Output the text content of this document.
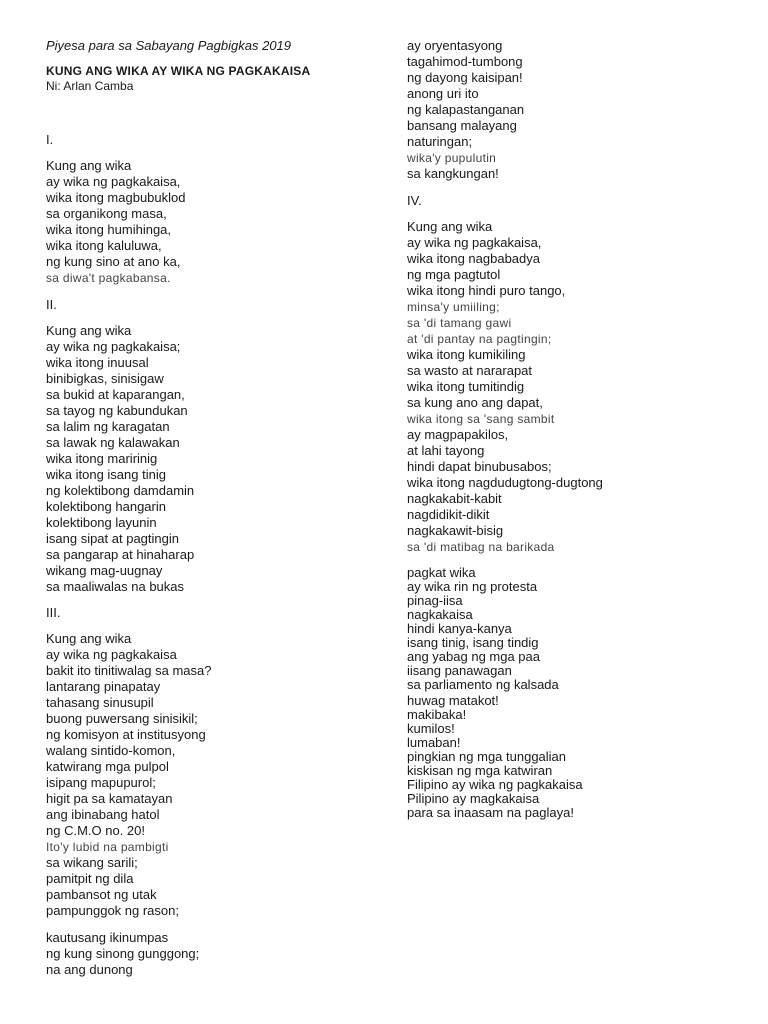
Piyesa para sa Sabayang Pagbigkas 2019
KUNG ANG WIKA AY WIKA NG PAGKAKAISA
Ni: Arlan Camba
I.
Kung ang wika
ay wika ng pagkakaisa,
wika itong magbubuklod
sa organikong masa,
wika itong humihinga,
wika itong kaluluwa,
ng kung sino at ano ka,
sa diwa't pagkabansa.
II.
Kung ang wika
ay wika ng pagkakaisa;
wika itong inuusal
binibigkas, sinisigaw
sa bukid at kaparangan,
sa tayog ng kabundukan
sa lalim ng karagatan
sa lawak ng kalawakan
wika itong maririnig
wika itong isang tinig
ng kolektibong damdamin
kolektibong hangarin
kolektibong layunin
isang sipat at pagtingin
sa pangarap at hinaharap
wikang mag-uugnay
sa maaliwalas na bukas
III.
Kung ang wika
ay wika ng pagkakaisa
bakit ito tinitiwalag sa masa?
lantarang pinapatay
tahasang sinusupil
buong puwersang sinisikil;
ng komisyon at institusyong
walang sintido-komon,
katwirang mga pulpol
isipang mapupurol;
higit pa sa kamatayan
ang ibinabang hatol
ng C.M.O no. 20!
Ito'y lubid na pambigti
sa wikang sarili;
pamitpit ng dila
pambansot ng utak
pampunggok ng rason;
kautusang ikinumpas
ng kung sinong gunggong;
na ang dunong
ay oryentasyong
tagahimod-tumbong
ng dayong kaisipan!
anong uri ito
ng kalapastanganan
bansang malayang
naturingan;
wika'y pupulutin
sa kangkungan!
IV.
Kung ang wika
ay wika ng pagkakaisa,
wika itong nagbabadya
ng mga pagtutol
wika itong hindi puro tango,
minsa'y umiiling;
sa 'di tamang gawi
at 'di pantay na pagtingin;
wika itong kumikiling
sa wasto at nararapat
wika itong tumitindig
sa kung ano ang dapat,
wika itong sa 'sang sambit
ay magpapakilos,
at lahi tayong
hindi dapat binubusabos;
wika itong nagdudugtong-dugtong
nagkakabit-kabit
nagdidikit-dikit
nagkakawit-bisig
sa 'di matibag na barikada
pagkat wika
ay wika rin ng protesta
pinag-iisa
nagkakaisa
hindi kanya-kanya
isang tinig, isang tindig
ang yabag ng mga paa
iisang panawagan
sa parliamento ng kalsada
huwag matakot!
makibaka!
kumilos!
lumaban!
pingkian ng mga tunggalian
kiskisan ng mga katwiran
Filipino ay wika ng pagkakaisa
Pilipino ay magkakaisa
para sa inaasam na paglaya!
